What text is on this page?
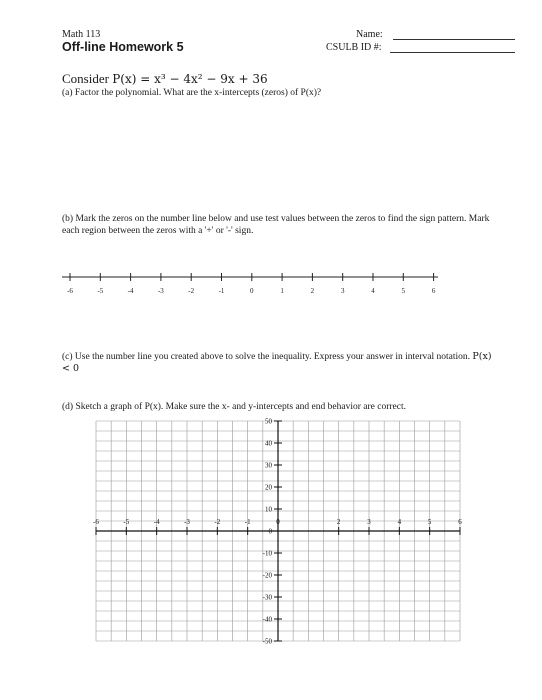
Math 113
Off-line Homework 5
Name:
CSULB ID #:
Consider P(x) = x³ − 4x² − 9x + 36
(a) Factor the polynomial. What are the x-intercepts (zeros) of P(x)?
(b) Mark the zeros on the number line below and use test values between the zeros to find the sign pattern. Mark each region between the zeros with a '+' or '-' sign.
-6	-5	-4	-3	-2	-1	0	1	2	3	4	5	6
(c) Use the number line you created above to solve the inequality. Express your answer in interval notation. P(x) < 0
(d) Sketch a graph of P(x). Make sure the x- and y-intercepts and end behavior are correct.
-6	-5	-4	-3	-2	-1	0	2	3	4	5	6
50
40
30
20
10
0
-10
-20
-30
-40
-50
